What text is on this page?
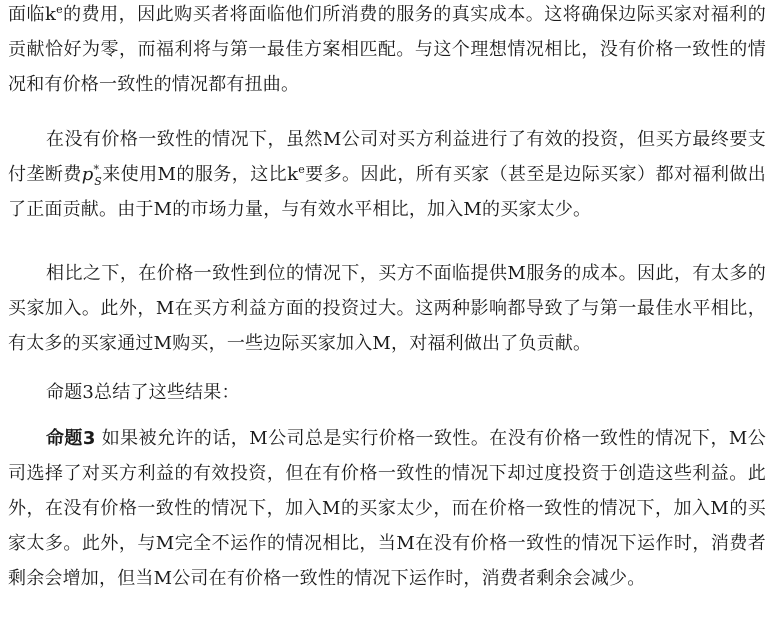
面临$k^e$的费用，因此购买者将面临他们所消费的服务的真实成本。这将确保边际买家对福利的贡献恰好为零，而福利将与第一最佳方案相匹配。与这个理想情况相比，没有价格一致性的情况和有价格一致性的情况都有扭曲。

在没有价格一致性的情况下，虽然M公司对买方利益进行了有效的投资，但买方最终要支付垄断费$p^*_S$来使用M的服务，这比$k^e$要多。因此，所有买家（甚至是边际买家）都对福利做出了正面贡献。由于M的市场力量，与有效水平相比，加入M的买家太少。

相比之下，在价格一致性到位的情况下，买方不面临提供M服务的成本。因此，有太多的买家加入。此外，M在买方利益方面的投资过大。这两种影响都导致了与第一最佳水平相比，有太多的买家通过M购买，一些边际买家加入M，对福利做出了负贡献。

命题3总结了这些结果：

命题3 如果被允许的话，M公司总是实行价格一致性。在没有价格一致性的情况下，M公司选择了对买方利益的有效投资，但在有价格一致性的情况下却过度投资于创造这些利益。此外，在没有价格一致性的情况下，加入M的买家太少，而在价格一致性的情况下，加入M的买家太多。此外，与M完全不运作的情况相比，当M在没有价格一致性的情况下运作时，消费者剩余会增加，但当M公司在有价格一致性的情况下运作时，消费者剩余会减少。
